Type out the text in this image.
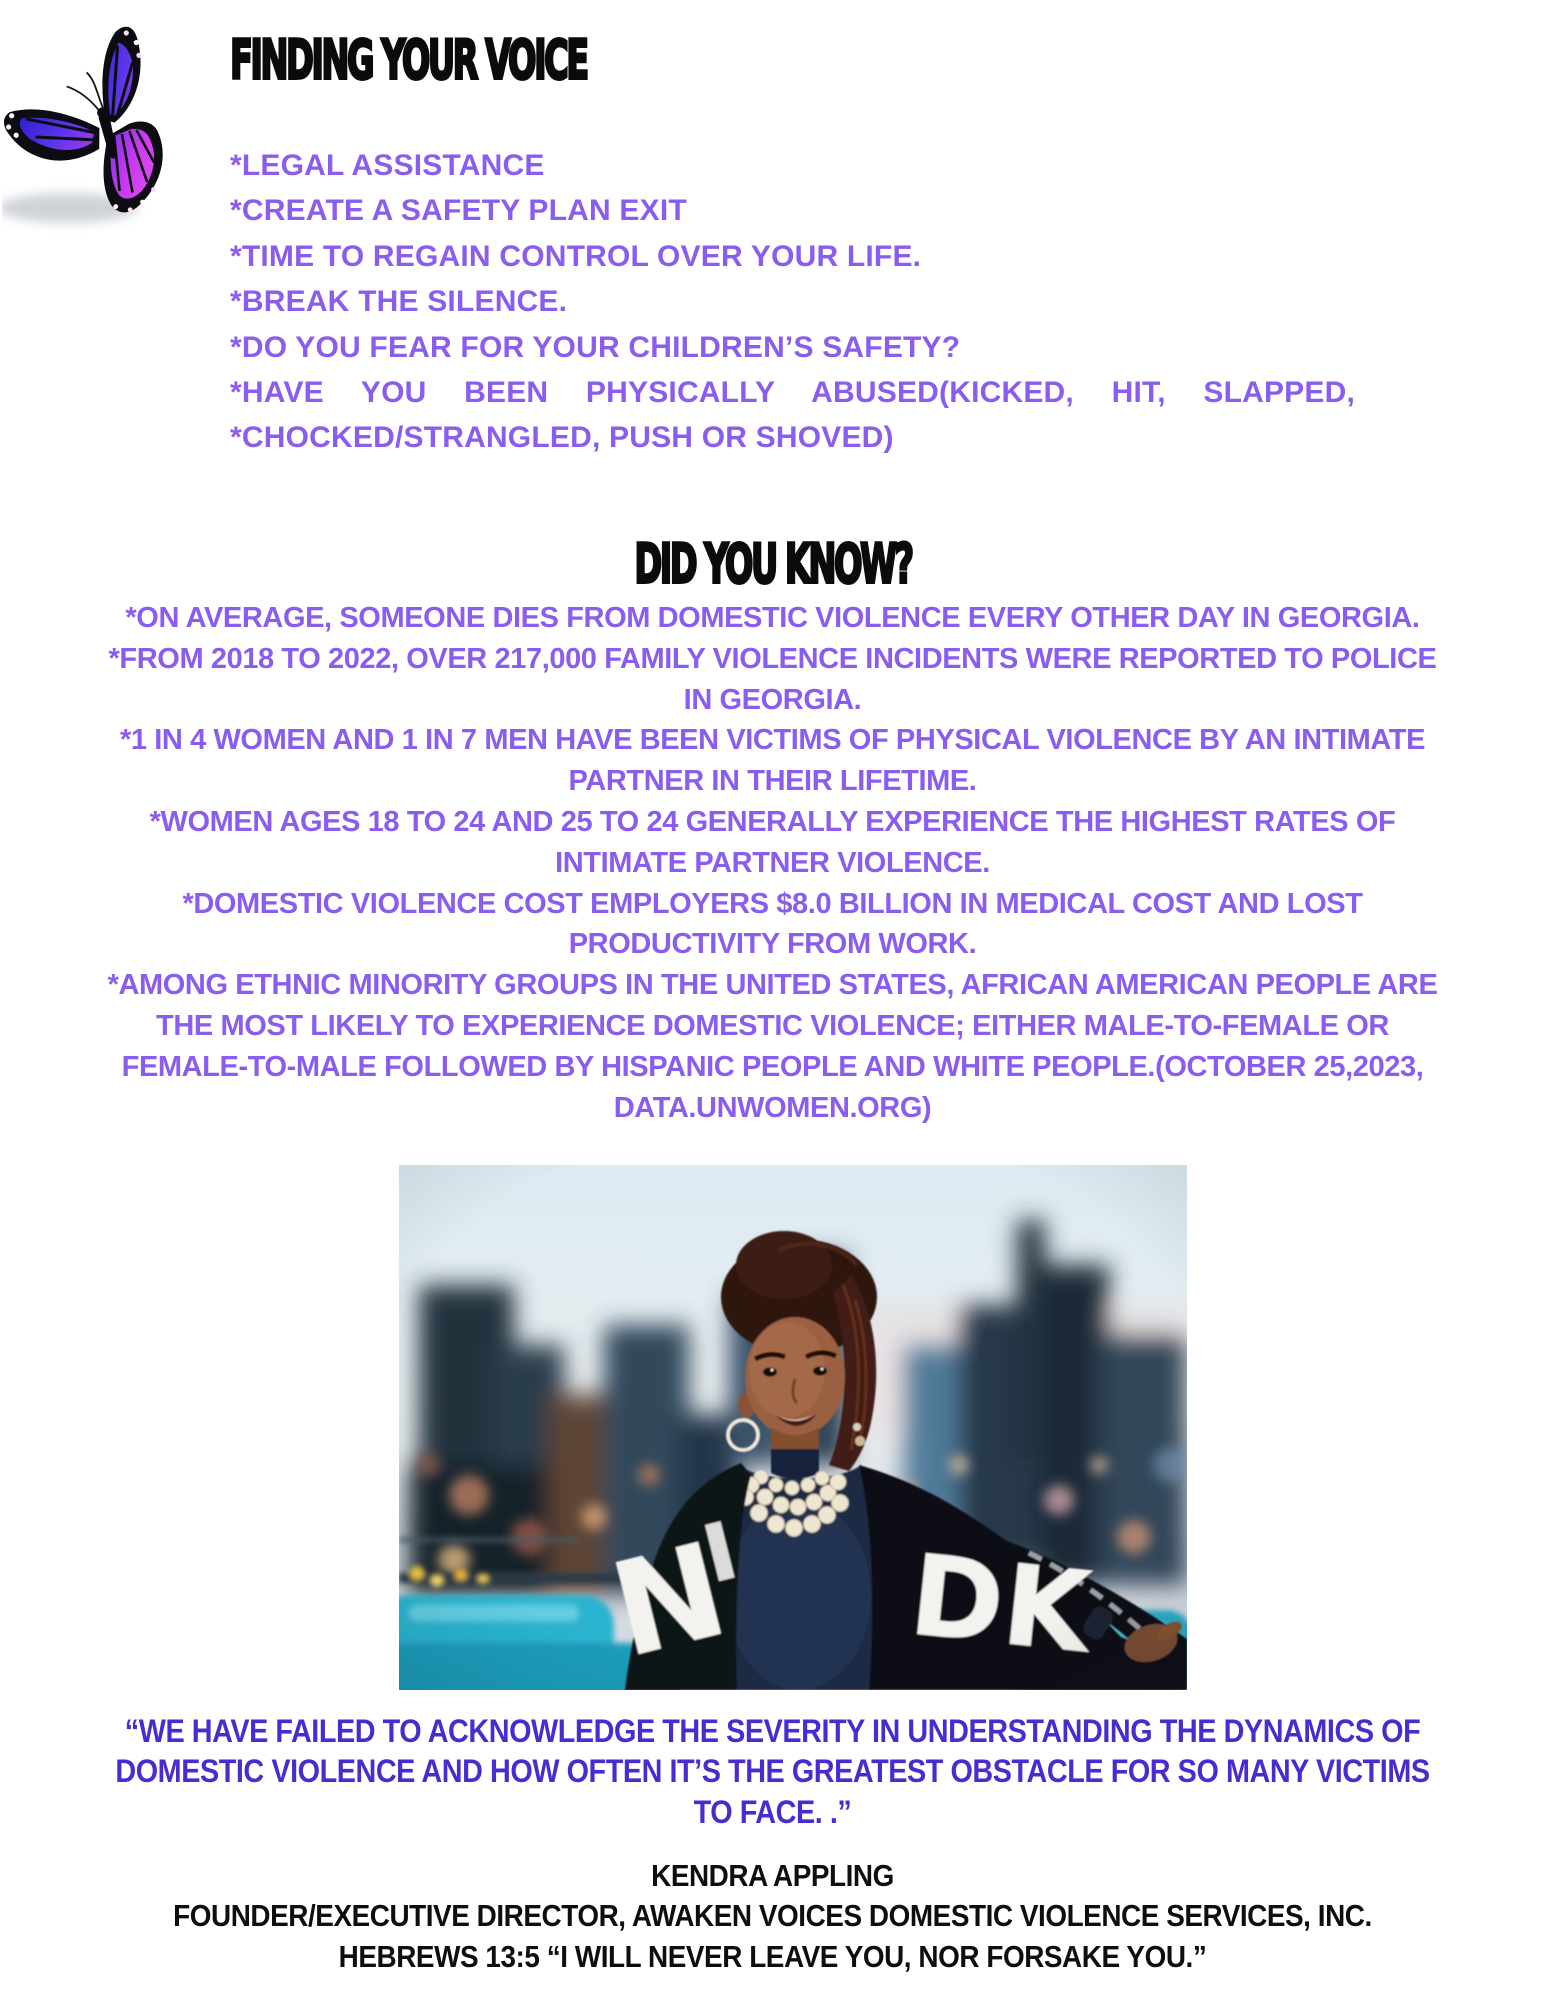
FINDING YOUR VOICE
*LEGAL ASSISTANCE
*CREATE A SAFETY PLAN EXIT
*TIME TO REGAIN CONTROL OVER YOUR LIFE.
*BREAK THE SILENCE.
*DO YOU FEAR FOR YOUR CHILDREN’S SAFETY?
*HAVE YOU BEEN PHYSICALLY ABUSED(KICKED, HIT, SLAPPED,
*CHOCKED/STRANGLED, PUSH OR SHOVED)
DID YOU KNOW?
*ON AVERAGE, SOMEONE DIES FROM DOMESTIC VIOLENCE EVERY OTHER DAY IN GEORGIA.
*FROM 2018 TO 2022, OVER 217,000 FAMILY VIOLENCE INCIDENTS WERE REPORTED TO POLICE
IN GEORGIA.
*1 IN 4 WOMEN AND 1 IN 7 MEN HAVE BEEN VICTIMS OF PHYSICAL VIOLENCE BY AN INTIMATE
PARTNER IN THEIR LIFETIME.
*WOMEN AGES 18 TO 24 AND 25 TO 24 GENERALLY EXPERIENCE THE HIGHEST RATES OF
INTIMATE PARTNER VIOLENCE.
*DOMESTIC VIOLENCE COST EMPLOYERS $8.0 BILLION IN MEDICAL COST AND LOST
PRODUCTIVITY FROM WORK.
*AMONG ETHNIC MINORITY GROUPS IN THE UNITED STATES, AFRICAN AMERICAN PEOPLE ARE
THE MOST LIKELY TO EXPERIENCE DOMESTIC VIOLENCE; EITHER MALE-TO-FEMALE OR
FEMALE-TO-MALE FOLLOWED BY HISPANIC PEOPLE AND WHITE PEOPLE.(OCTOBER 25,2023,
DATA.UNWOMEN.ORG)
“WE HAVE FAILED TO ACKNOWLEDGE THE SEVERITY IN UNDERSTANDING THE DYNAMICS OF
DOMESTIC VIOLENCE AND HOW OFTEN IT’S THE GREATEST OBSTACLE FOR SO MANY VICTIMS
TO FACE. .”
KENDRA APPLING
FOUNDER/EXECUTIVE DIRECTOR, AWAKEN VOICES DOMESTIC VIOLENCE SERVICES, INC.
HEBREWS 13:5 “I WILL NEVER LEAVE YOU, NOR FORSAKE YOU.”
